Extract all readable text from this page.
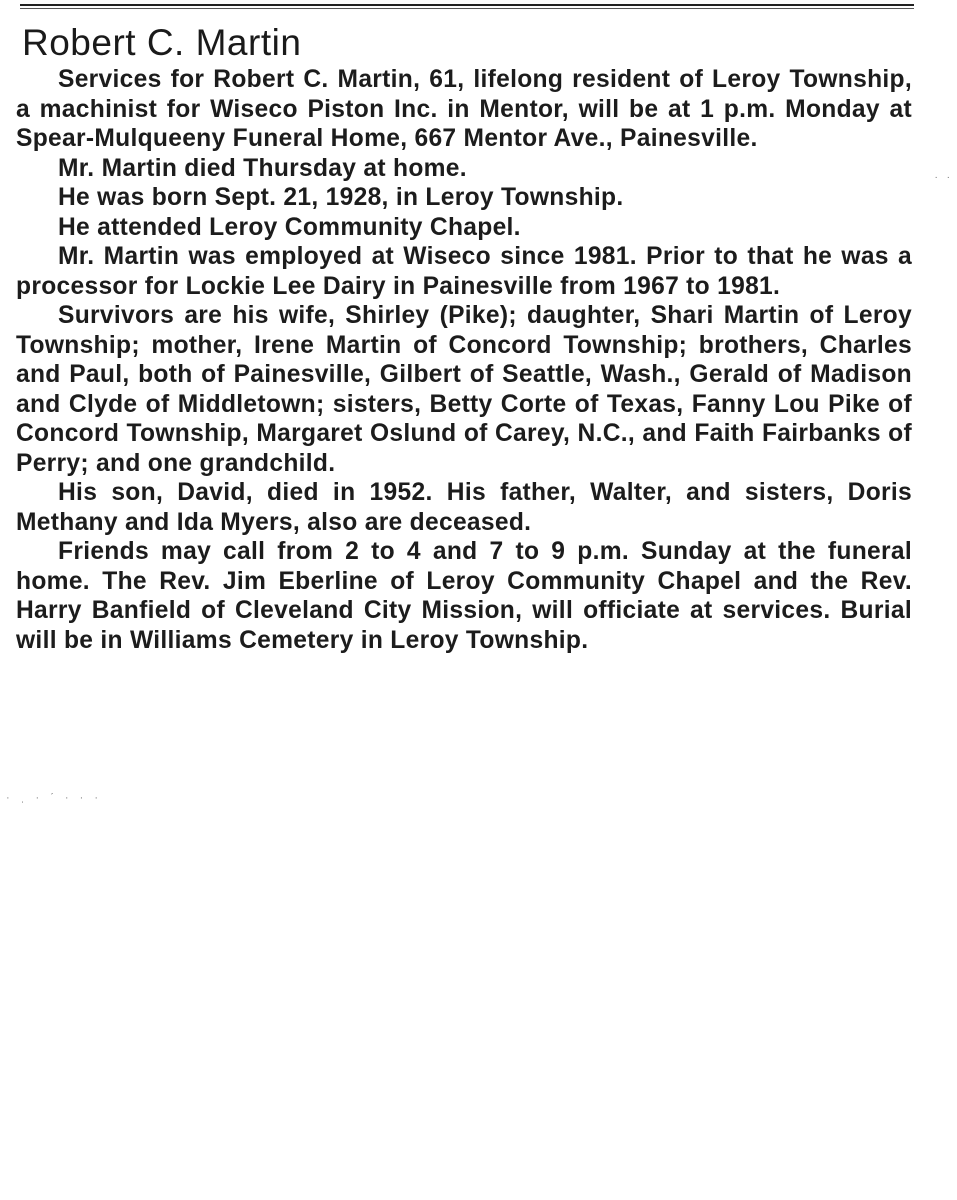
Robert C. Martin

Services for Robert C. Martin, 61, lifelong resident of Leroy Township, a machinist for Wiseco Piston Inc. in Mentor, will be at 1 p.m. Monday at Spear-Mulqueeny Funeral Home, 667 Mentor Ave., Painesville.

Mr. Martin died Thursday at home.

He was born Sept. 21, 1928, in Leroy Township.

He attended Leroy Community Chapel.

Mr. Martin was employed at Wiseco since 1981. Prior to that he was a processor for Lockie Lee Dairy in Painesville from 1967 to 1981.

Survivors are his wife, Shirley (Pike); daughter, Shari Martin of Leroy Township; mother, Irene Martin of Concord Township; brothers, Charles and Paul, both of Painesville, Gilbert of Seattle, Wash., Gerald of Madison and Clyde of Middletown; sisters, Betty Corte of Texas, Fanny Lou Pike of Concord Township, Margaret Oslund of Carey, N.C., and Faith Fairbanks of Perry; and one grandchild.

His son, David, died in 1952. His father, Walter, and sisters, Doris Methany and Ida Myers, also are deceased.

Friends may call from 2 to 4 and 7 to 9 p.m. Sunday at the funeral home. The Rev. Jim Eberline of Leroy Community Chapel and the Rev. Harry Banfield of Cleveland City Mission, will officiate at services. Burial will be in Williams Cemetery in Leroy Township.

· ·
· ˌ · ˊ · · ·
